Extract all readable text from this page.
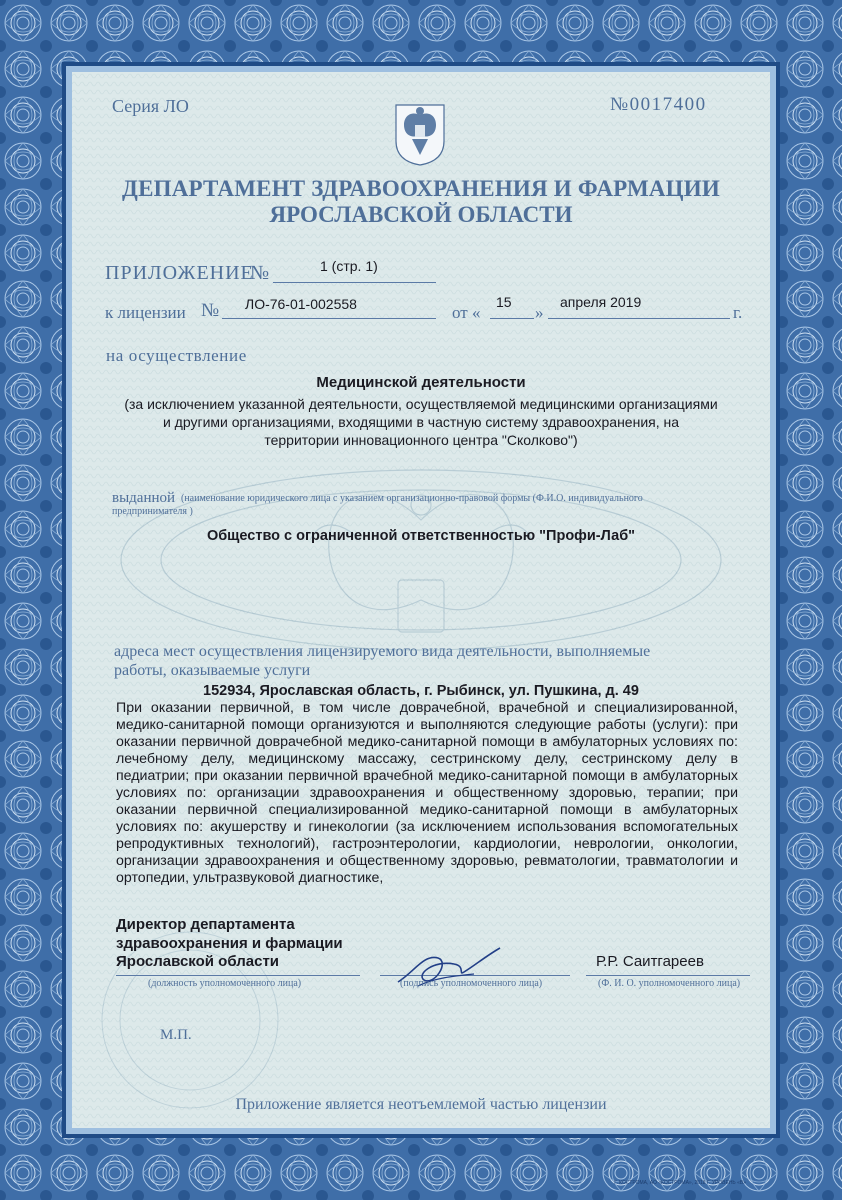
Серия ЛО	№0017400
ДЕПАРТАМЕНТ ЗДРАВООХРАНЕНИЯ И ФАРМАЦИИ
ЯРОСЛАВСКОЙ ОБЛАСТИ
ПРИЛОЖЕНИЕ
№	1 (стр. 1)
к лицензии № ЛО-76-01-002558	от «
15
»
апреля 2019
г.
на осуществление
Медицинской деятельности
(за исключением указанной деятельности, осуществляемой медицинскими организациями
и другими организациями, входящими в частную систему здравоохранения, на
территории инновационного центра "Сколково")
выданной (наименование юридического лица с указанием организационно-правовой формы (Ф.И.О. индивидуального
предпринимателя )
Общество с ограниченной ответственностью "Профи-Лаб"
адреса мест осуществления лицензируемого вида деятельности, выполняемые
работы, оказываемые услуги
152934, Ярославская область, г. Рыбинск, ул. Пушкина, д. 49
При оказании первичной, в том числе доврачебной, врачебной и специализированной, медико-санитарной помощи организуются и выполняются следующие работы (услуги): при оказании первичной доврачебной медико-санитарной помощи в амбулаторных условиях по: лечебному делу, медицинскому массажу, сестринскому делу, сестринскому делу в педиатрии; при оказании первичной врачебной медико-санитарной помощи в амбулаторных условиях по: организации здравоохранения и общественному здоровью, терапии; при оказании первичной специализированной медико-санитарной помощи в амбулаторных условиях по: акушерству и гинекологии (за исключением использования вспомогательных репродуктивных технологий), гастроэнтерологии, кардиологии, неврологии, онкологии, организации здравоохранения и общественному здоровью, ревматологии, травматологии и ортопедии, ультразвуковой диагностике,
Директор департамента
здравоохранения и фармации
Ярославской области	Р.Р. Саитгареев
(должность уполномоченного лица)	(подпись уполномоченного лица)	(Ф. И. О. уполномоченного лица)
М.П.
Приложение является неотъемлемой частью лицензии
Г. КОСТРОМА, АО «КОСТРОМА», 2018 Г. УРОВЕНЬ «В»
